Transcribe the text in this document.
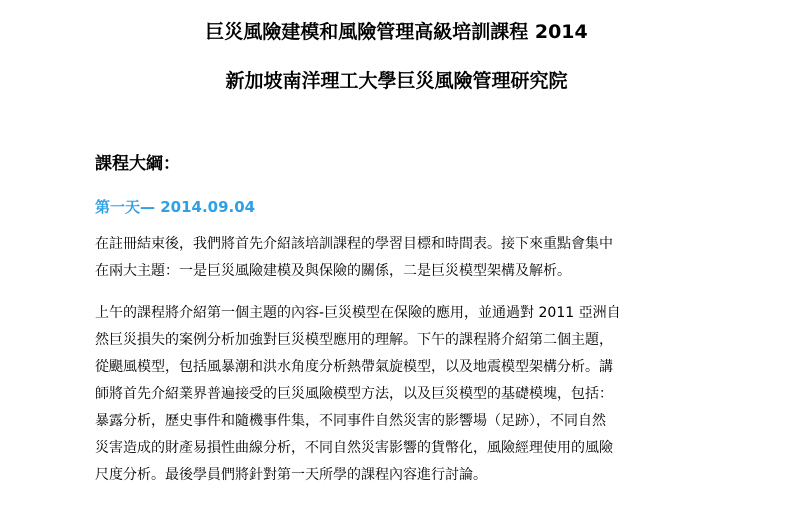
巨災風險建模和風險管理高級培訓課程 2014
新加坡南洋理工大學巨災風險管理研究院
課程大綱：
第一天— 2014.09.04
在註冊結束後，我們將首先介紹該培訓課程的學習目標和時間表。接下來重點會集中
在兩大主題：一是巨災風險建模及與保險的關係，二是巨災模型架構及解析。
上午的課程將介紹第一個主題的內容-巨災模型在保險的應用，並通過對 2011 亞洲自
然巨災損失的案例分析加強對巨災模型應用的理解。下午的課程將介紹第二個主題，
從颶風模型，包括風暴潮和洪水角度分析熱帶氣旋模型，以及地震模型架構分析。講
師將首先介紹業界普遍接受的巨災風險模型方法，以及巨災模型的基礎模塊，包括：
暴露分析，歷史事件和隨機事件集，不同事件自然災害的影響場（足跡），不同自然
災害造成的財產易損性曲線分析，不同自然災害影響的貨幣化，風險經理使用的風險
尺度分析。最後學員們將針對第一天所學的課程內容進行討論。
